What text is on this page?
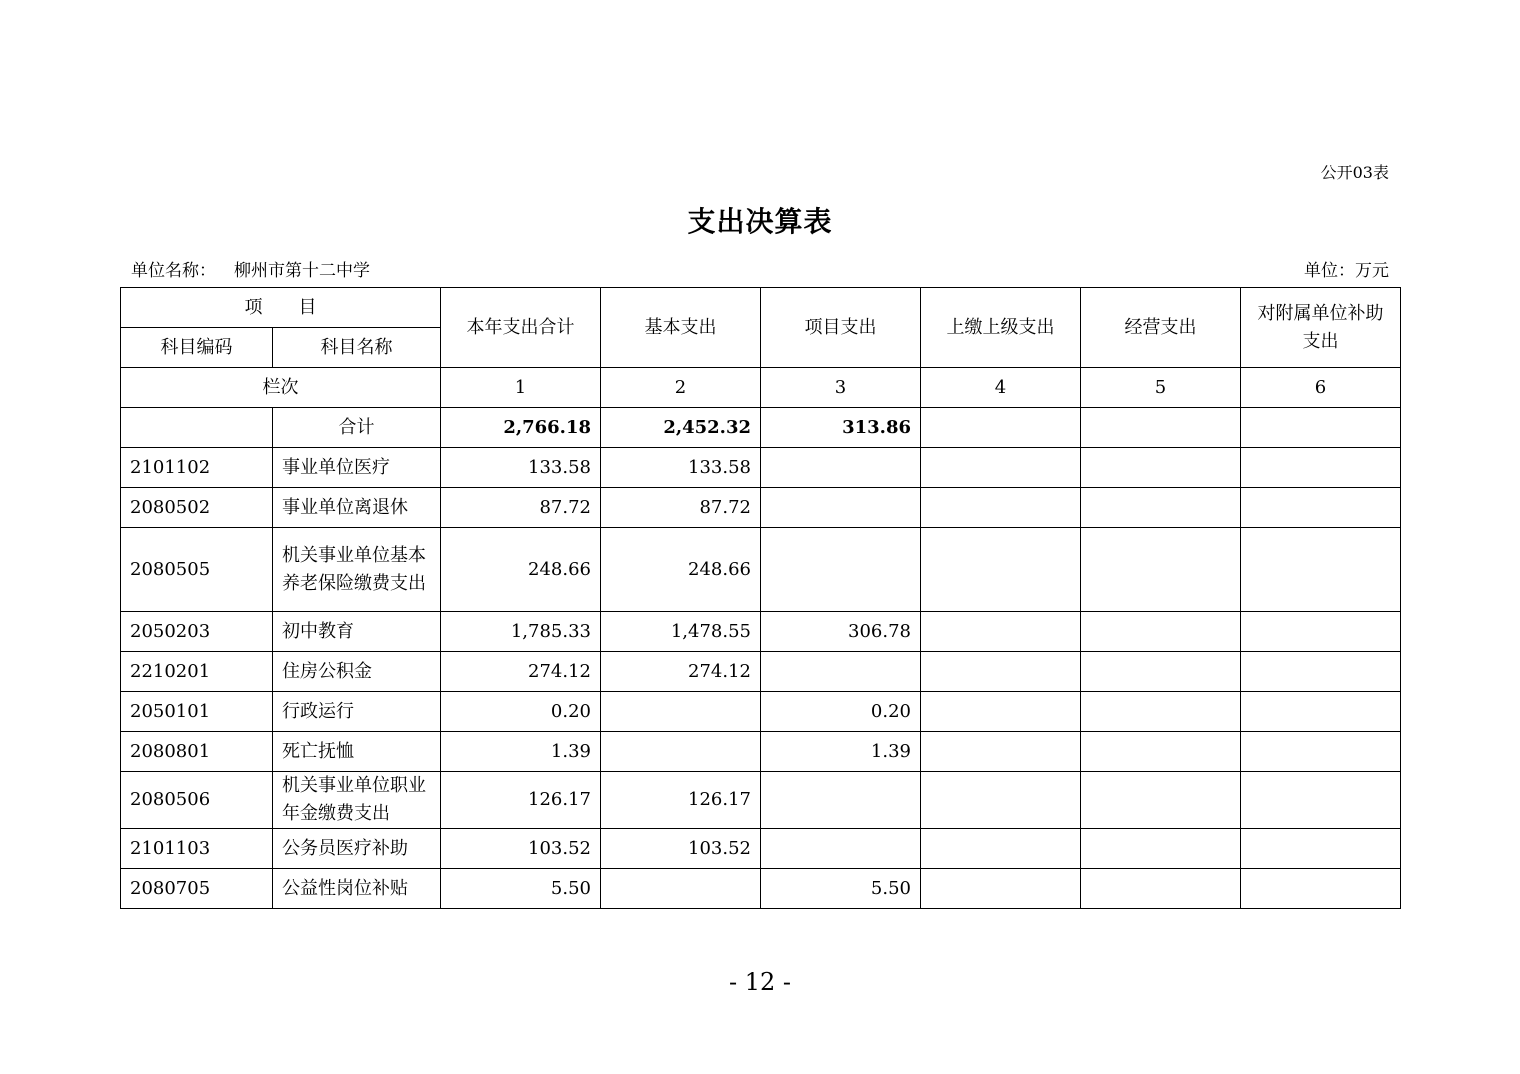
公开03表
支出决算表
单位名称： 柳州市第十二中学	单位：万元
项　　目		本年支出合计	基本支出	项目支出	上缴上级支出	经营支出	对附属单位补助支出
科目编码	科目名称						
栏次		1	2	3	4	5	6
	合计	2,766.18	2,452.32	313.86			
2101102	事业单位医疗	133.58	133.58				
2080502	事业单位离退休	87.72	87.72				
2080505	机关事业单位基本养老保险缴费支出	248.66	248.66				
2050203	初中教育	1,785.33	1,478.55	306.78			
2210201	住房公积金	274.12	274.12				
2050101	行政运行	0.20		0.20			
2080801	死亡抚恤	1.39		1.39			
2080506	机关事业单位职业年金缴费支出	126.17	126.17				
2101103	公务员医疗补助	103.52	103.52				
2080705	公益性岗位补贴	5.50		5.50			
- 12 -
